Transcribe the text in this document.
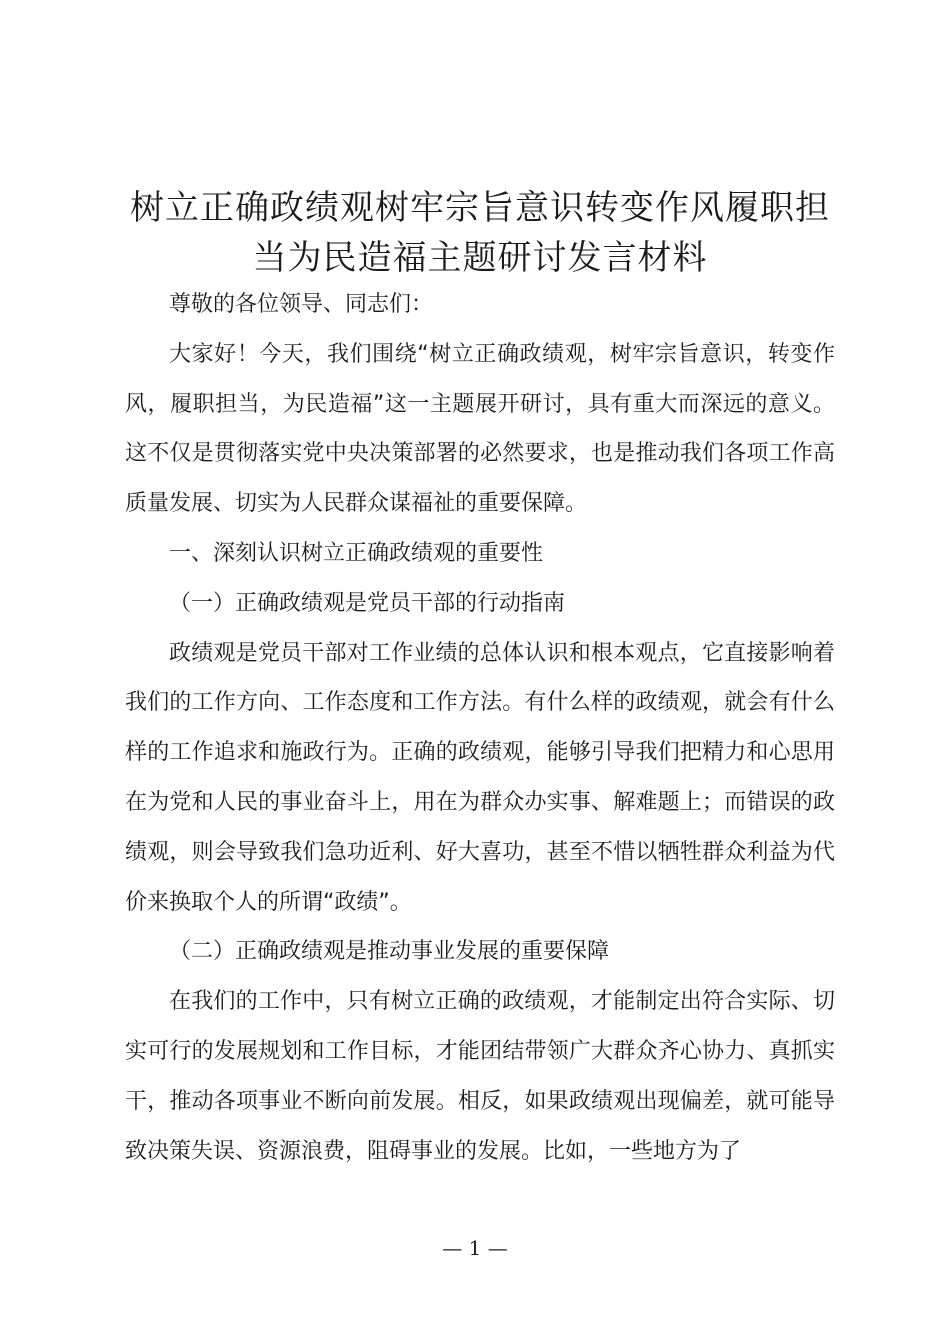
树立正确政绩观树牢宗旨意识转变作风履职担当为民造福主题研讨发言材料

尊敬的各位领导、同志们：

大家好！今天，我们围绕“树立正确政绩观，树牢宗旨意识，转变作风，履职担当，为民造福”这一主题展开研讨，具有重大而深远的意义。这不仅是贯彻落实党中央决策部署的必然要求，也是推动我们各项工作高质量发展、切实为人民群众谋福祉的重要保障。

一、深刻认识树立正确政绩观的重要性

（一）正确政绩观是党员干部的行动指南

政绩观是党员干部对工作业绩的总体认识和根本观点，它直接影响着我们的工作方向、工作态度和工作方法。有什么样的政绩观，就会有什么样的工作追求和施政行为。正确的政绩观，能够引导我们把精力和心思用在为党和人民的事业奋斗上，用在为群众办实事、解难题上；而错误的政绩观，则会导致我们急功近利、好大喜功，甚至不惜以牺牲群众利益为代价来换取个人的所谓“政绩”。

（二）正确政绩观是推动事业发展的重要保障

在我们的工作中，只有树立正确的政绩观，才能制定出符合实际、切实可行的发展规划和工作目标，才能团结带领广大群众齐心协力、真抓实干，推动各项事业不断向前发展。相反，如果政绩观出现偏差，就可能导致决策失误、资源浪费，阻碍事业的发展。比如，一些地方为了

— 1 —
